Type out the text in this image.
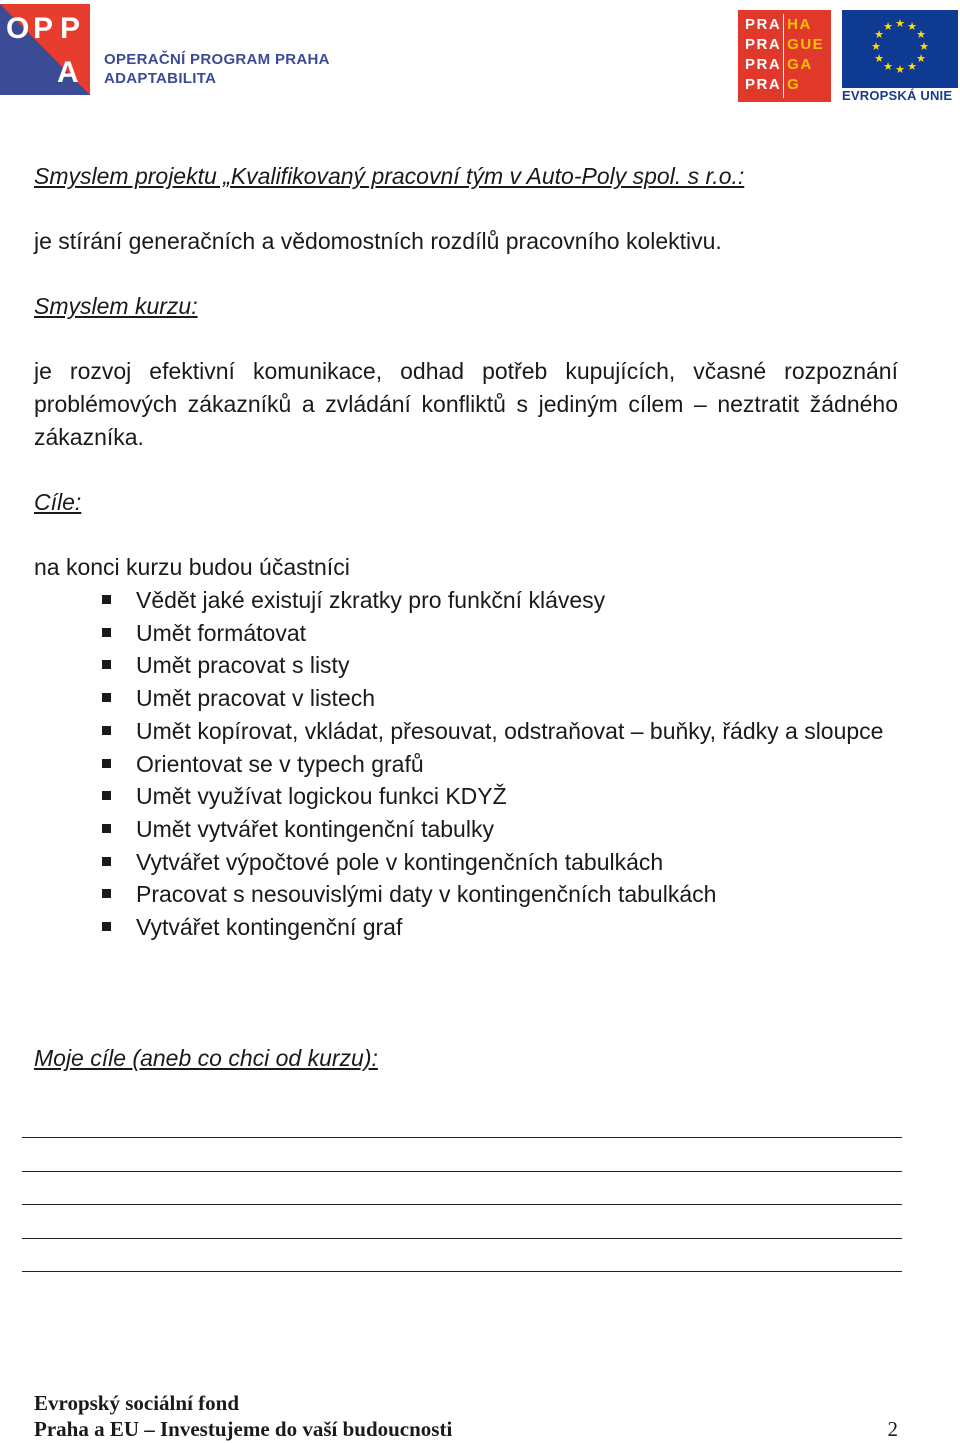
O P P
A OPERAČNÍ PROGRAM PRAHA
ADAPTABILITA
PRA HA
PRA GUE
PRA GA
PRA G
★ ★
★
★
★
★
★
★
★
★
★
★
EVROPSKÁ UNIE

Smyslem projektu „Kvalifikovaný pracovní tým v Auto-Poly spol. s r.o.:

je stírání generačních a vědomostních rozdílů pracovního kolektivu.

Smyslem kurzu:

je rozvoj efektivní komunikace, odhad potřeb kupujících, včasné rozpoznání problémových zákazníků a zvládání konfliktů s jediným cílem – neztratit žádného zákazníka.

Cíle:

na konci kurzu budou účastníci

Vědět jaké existují zkratky pro funkční klávesy
Umět formátovat
Umět pracovat s listy
Umět pracovat v listech
Umět kopírovat, vkládat, přesouvat, odstraňovat – buňky, řádky a sloupce
Orientovat se v typech grafů
Umět využívat logickou funkci KDYŽ
Umět vytvářet kontingenční tabulky
Vytvářet výpočtové pole v kontingenčních tabulkách
Pracovat s nesouvislými daty v kontingenčních tabulkách
Vytvářet kontingenční graf

Moje cíle (aneb co chci od kurzu):

Evropský sociální fond
Praha a EU – Investujeme do vaší budoucnosti	2
